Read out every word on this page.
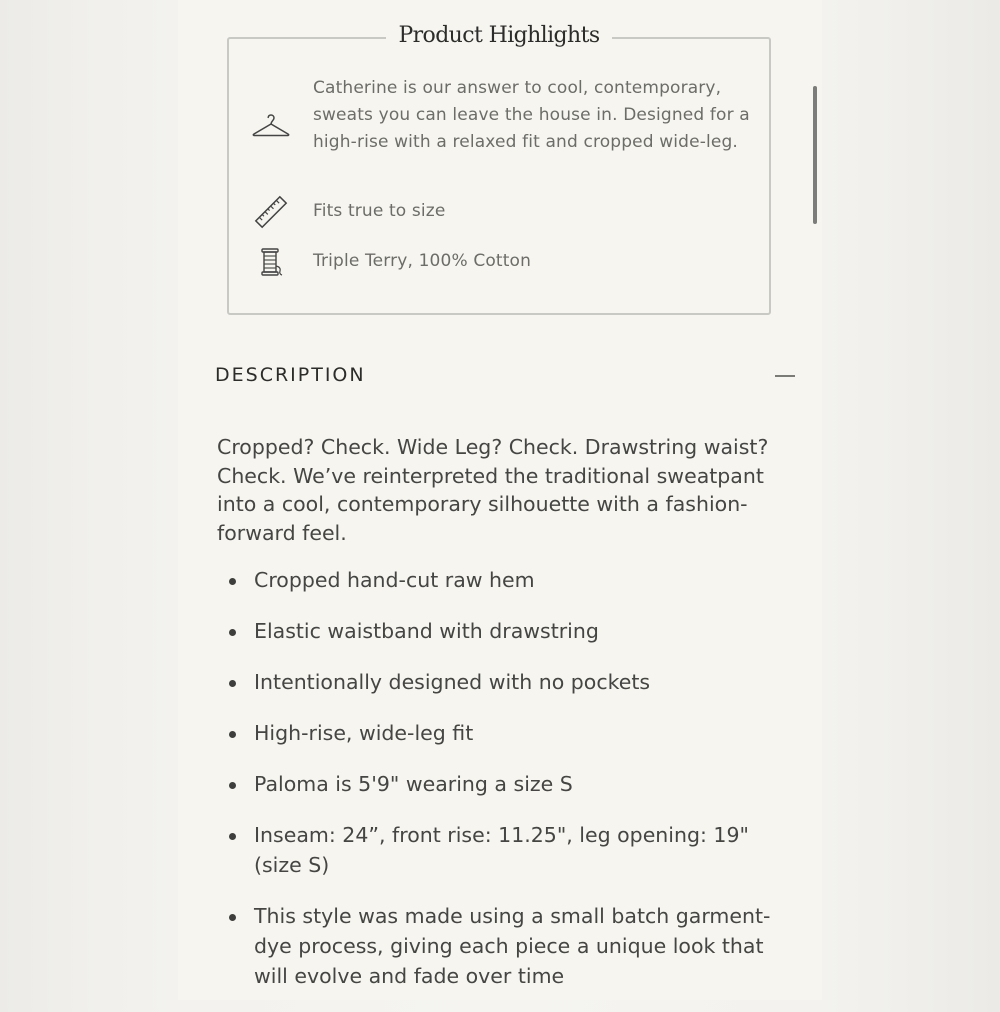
Product Highlights
Catherine is our answer to cool, contemporary, sweats you can leave the house in. Designed for a high-rise with a relaxed fit and cropped wide-leg.
Fits true to size
Triple Terry, 100% Cotton
DESCRIPTION

Cropped? Check. Wide Leg? Check. Drawstring waist? Check. We’ve reinterpreted the traditional sweatpant into a cool, contemporary silhouette with a fashion-forward feel.

Cropped hand-cut raw hem
Elastic waistband with drawstring
Intentionally designed with no pockets
High-rise, wide-leg fit
Paloma is 5'9" wearing a size S
Inseam: 24”, front rise: 11.25", leg opening: 19" (size S)
This style was made using a small batch garment-dye process, giving each piece a unique look that will evolve and fade over time
